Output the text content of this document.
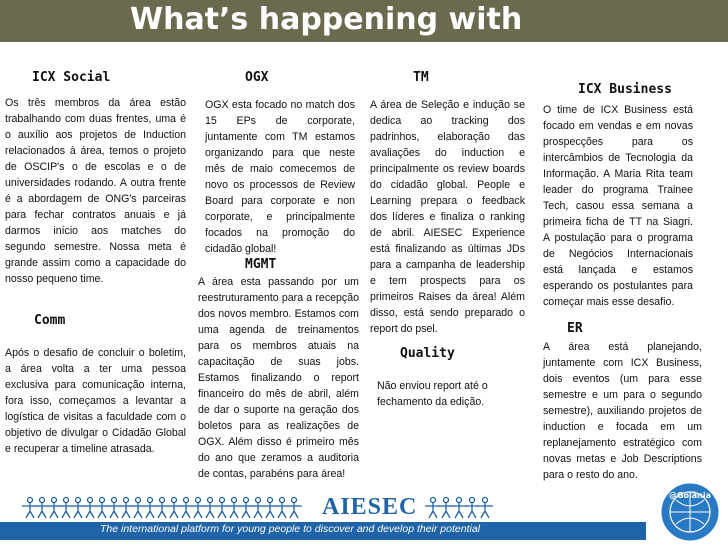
What’s happening with
ICX Social

Os três membros da área estão trabalhando com duas frentes, uma é o auxílio aos projetos de Induction relacionados à área, temos o projeto de OSCIP's o de escolas e o de universidades rodando. A outra frente é a abordagem de ONG's parceiras para fechar contratos anuais e já darmos início aos matches do segundo semestre. Nossa meta é grande assim como a capacidade do nosso pequeno time.

Comm

Após o desafio de concluir o boletim, a área volta a ter uma pessoa exclusiva para comunicação interna, fora isso, começamos a levantar a logística de visitas a faculdade com o objetivo de divulgar o Cidadão Global e recuperar a timeline atrasada.

OGX

OGX esta focado no match dos 15 EPs de corporate, juntamente com TM estamos organizando para que neste mês de maio comecemos de novo os processos de Review Board para corporate e non corporate, e principalmente focados na promoção do cidadão global!

MGMT

A área esta passando por um reestruturamento para a recepção dos novos membro. Estamos com uma agenda de treinamentos para os membros atuais na capacitação de suas jobs. Estamos finalizando o report financeiro do mês de abril, além de dar o suporte na geração dos boletos para as realizações de OGX. Além disso é primeiro mês do ano que zeramos a auditoria de contas, parabéns para área!

TM

A área de Seleção e indução se dedica ao tracking dos padrinhos, elaboração das avaliações do induction e principalmente os review boards do cidadão global. People e Learning prepara o feedback dos líderes e finaliza o ranking de abril. AIESEC Experience está finalizando as últimas JDs para a campanha de leadership e tem prospects para os primeiros Raises da área! Além disso, está sendo preparado o report do psel.

Quality

Não enviou report até o fechamento da edição.

ICX Business

O time de ICX Business está focado em vendas e em novas prospecções para os intercâmbios de Tecnologia da Informação. A Maria Rita team leader do programa Trainee Tech, casou essa semana a primeira ficha de TT na Siagri. A postulação para o programa de Negócios Internacionais está lançada e estamos esperando os postulantes para começar mais esse desafio.

ER

A área está planejando, juntamente com ICX Business, dois eventos (um para esse semestre e um para o segundo semestre), auxiliando projetos de induction e focada em um replanejamento estratégico com novas metas e Job Descriptions para o resto do ano.

AIESEC
The international platform for young people to discover and develop their potential
@Goiânia
